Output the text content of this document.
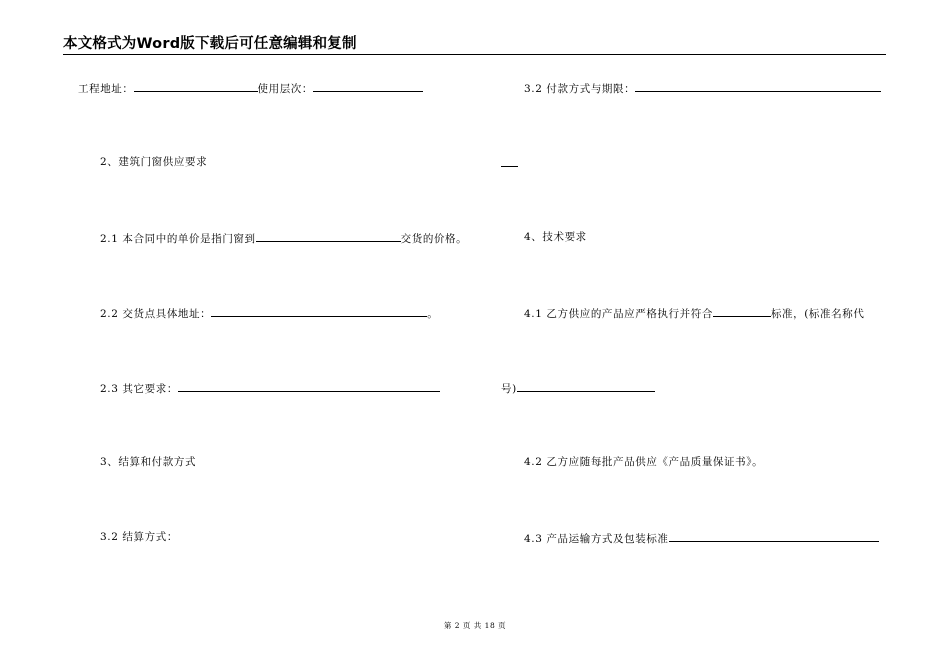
本文格式为Word版下载后可任意编辑和复制
工程地址：	使用层次：
2、建筑门窗供应要求
2.1 本合同中的单价是指门窗到	交货的价格。
2.2 交货点具体地址：	。
2.3 其它要求：
3、结算和付款方式
3.2 结算方式：
3.2 付款方式与期限：
4、技术要求
4.1 乙方供应的产品应严格执行并符合	标准，(标准名称代
号)
4.2 乙方应随每批产品供应《产品质量保证书》。
4.3 产品运输方式及包装标准
第 2 页 共 18 页
